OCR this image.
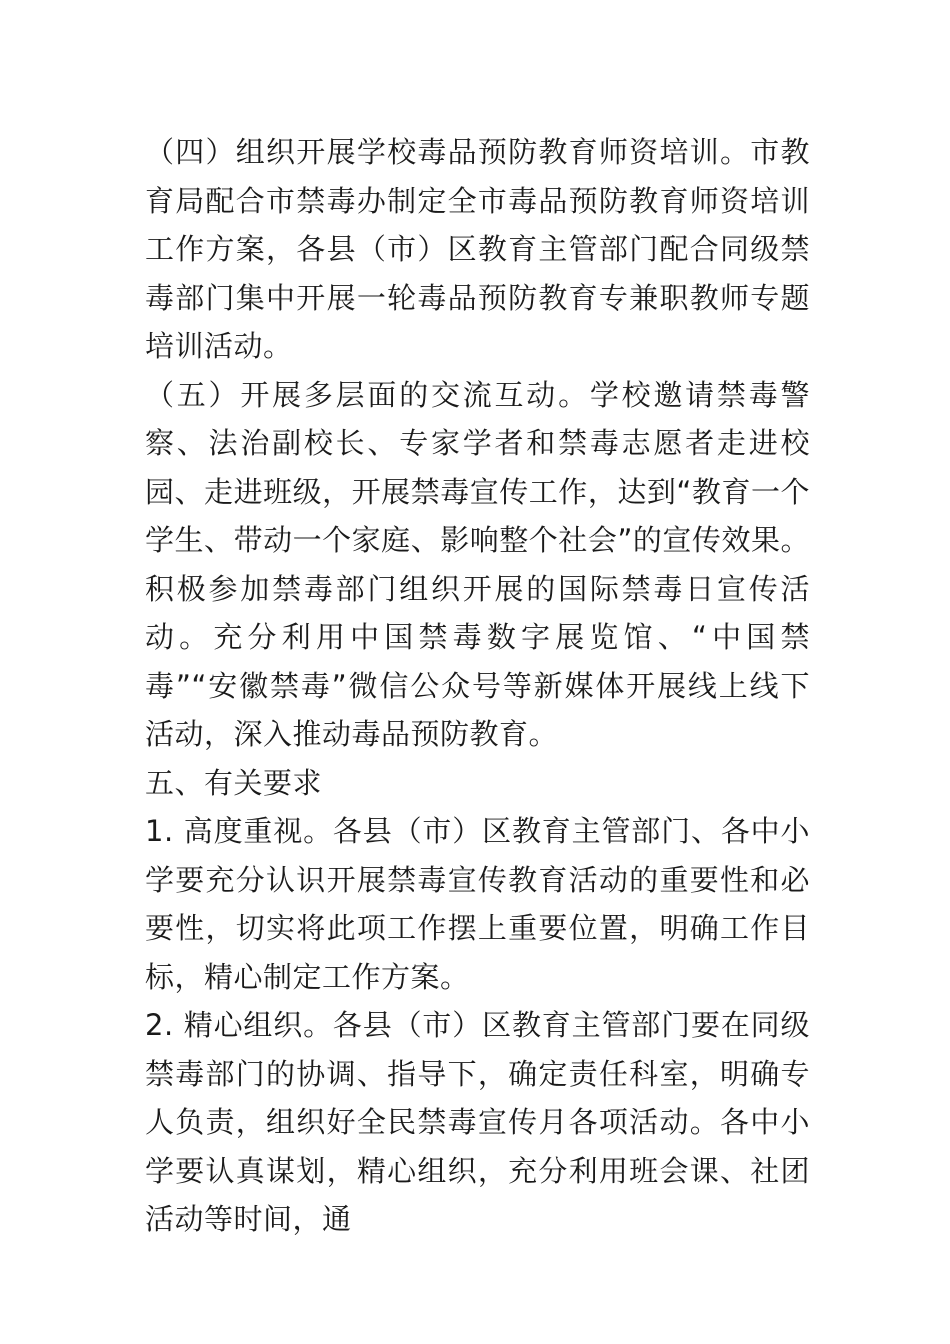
（四）组织开展学校毒品预防教育师资培训。市教育局配合市禁毒办制定全市毒品预防教育师资培训工作方案，各县（市）区教育主管部门配合同级禁毒部门集中开展一轮毒品预防教育专兼职教师专题培训活动。

（五）开展多层面的交流互动。学校邀请禁毒警察、法治副校长、专家学者和禁毒志愿者走进校园、走进班级，开展禁毒宣传工作，达到“教育一个学生、带动一个家庭、影响整个社会”的宣传效果。积极参加禁毒部门组织开展的国际禁毒日宣传活动。充分利用中国禁毒数字展览馆、“中国禁毒”“安徽禁毒”微信公众号等新媒体开展线上线下活动，深入推动毒品预防教育。

五、有关要求

1. 高度重视。各县（市）区教育主管部门、各中小学要充分认识开展禁毒宣传教育活动的重要性和必要性，切实将此项工作摆上重要位置，明确工作目标，精心制定工作方案。

2. 精心组织。各县（市）区教育主管部门要在同级禁毒部门的协调、指导下，确定责任科室，明确专人负责，组织好全民禁毒宣传月各项活动。各中小学要认真谋划，精心组织，充分利用班会课、社团活动等时间，通
